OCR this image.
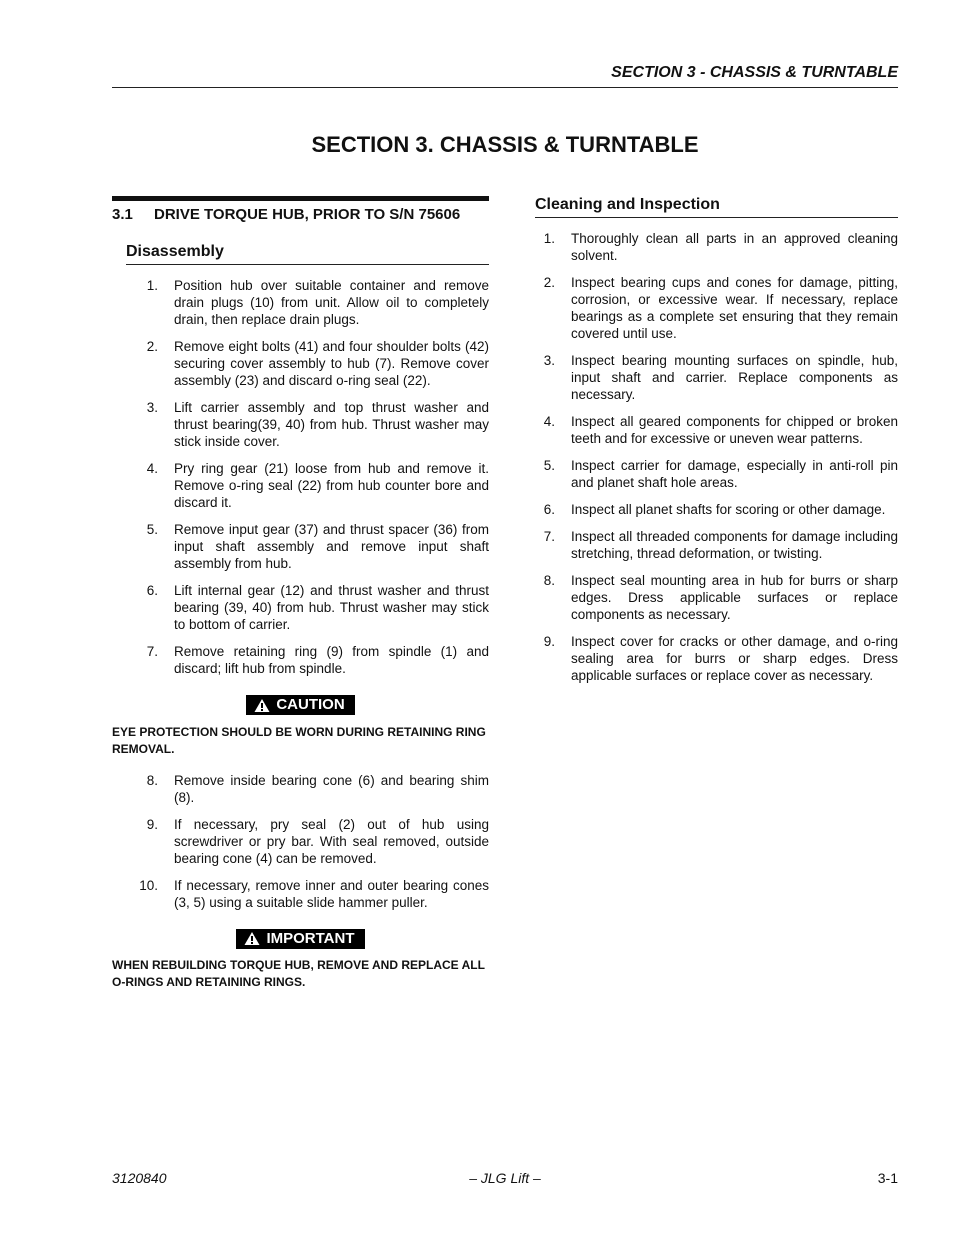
SECTION 3 - CHASSIS & TURNTABLE
SECTION 3. CHASSIS & TURNTABLE
3.1	DRIVE TORQUE HUB, PRIOR TO S/N 75606
Disassembly
1.	Position hub over suitable container and remove drain plugs (10) from unit. Allow oil to completely drain, then replace drain plugs.
2.	Remove eight bolts (41) and four shoulder bolts (42) securing cover assembly to hub (7). Remove cover assembly (23) and discard o-ring seal (22).
3.	Lift carrier assembly and top thrust washer and thrust bearing(39, 40) from hub. Thrust washer may stick inside cover.
4.	Pry ring gear (21) loose from hub and remove it. Remove o-ring seal (22) from hub counter bore and discard it.
5.	Remove input gear (37) and thrust spacer (36) from input shaft assembly and remove input shaft assembly from hub.
6.	Lift internal gear (12) and thrust washer and thrust bearing (39, 40) from hub. Thrust washer may stick to bottom of carrier.
7.	Remove retaining ring (9) from spindle (1) and discard; lift hub from spindle.
CAUTION

EYE PROTECTION SHOULD BE WORN DURING RETAINING RING REMOVAL.

8.	Remove inside bearing cone (6) and bearing shim (8).
9.	If necessary, pry seal (2) out of hub using screwdriver or pry bar. With seal removed, outside bearing cone (4) can be removed.
10.	If necessary, remove inner and outer bearing cones (3, 5) using a suitable slide hammer puller.
IMPORTANT

WHEN REBUILDING TORQUE HUB, REMOVE AND REPLACE ALL O-RINGS AND RETAINING RINGS.

Cleaning and Inspection
1.	Thoroughly clean all parts in an approved cleaning solvent.
2.	Inspect bearing cups and cones for damage, pitting, corrosion, or excessive wear. If necessary, replace bearings as a complete set ensuring that they remain covered until use.
3.	Inspect bearing mounting surfaces on spindle, hub, input shaft and carrier. Replace components as necessary.
4.	Inspect all geared components for chipped or broken teeth and for excessive or uneven wear patterns.
5.	Inspect carrier for damage, especially in anti-roll pin and planet shaft hole areas.
6.	Inspect all planet shafts for scoring or other damage.
7.	Inspect all threaded components for damage including stretching, thread deformation, or twisting.
8.	Inspect seal mounting area in hub for burrs or sharp edges. Dress applicable surfaces or replace components as necessary.
9.	Inspect cover for cracks or other damage, and o-ring sealing area for burrs or sharp edges. Dress applicable surfaces or replace cover as necessary.
3120840	– JLG Lift –	3-1
